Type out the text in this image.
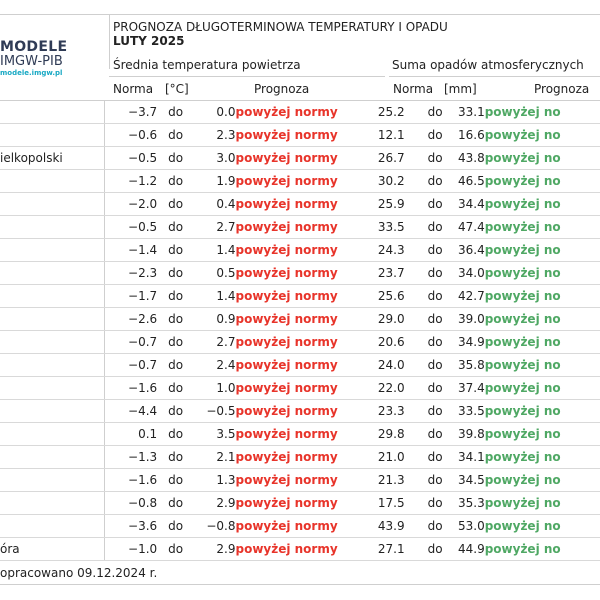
MODELE
IMGW-PIB
modele.imgw.pl
PROGNOZA DŁUGOTERMINOWA TEMPERATURY I OPADU
LUTY 2025
Średnia temperatura powietrza	Suma opadów atmosferycznych
Norma [°C]	Prognoza	Norma [mm]	Prognoza
	−3.7	do	0.0	powyżej normy	25.2	do	33.1	powyżej no
	−0.6	do	2.3	powyżej normy	12.1	do	16.6	powyżej no
ielkopolski	−0.5	do	3.0	powyżej normy	26.7	do	43.8	powyżej no
	−1.2	do	1.9	powyżej normy	30.2	do	46.5	powyżej no
	−2.0	do	0.4	powyżej normy	25.9	do	34.4	powyżej no
	−0.5	do	2.7	powyżej normy	33.5	do	47.4	powyżej no
	−1.4	do	1.4	powyżej normy	24.3	do	36.4	powyżej no
	−2.3	do	0.5	powyżej normy	23.7	do	34.0	powyżej no
	−1.7	do	1.4	powyżej normy	25.6	do	42.7	powyżej no
	−2.6	do	0.9	powyżej normy	29.0	do	39.0	powyżej no
	−0.7	do	2.7	powyżej normy	20.6	do	34.9	powyżej no
	−0.7	do	2.4	powyżej normy	24.0	do	35.8	powyżej no
	−1.6	do	1.0	powyżej normy	22.0	do	37.4	powyżej no
	−4.4	do	−0.5	powyżej normy	23.3	do	33.5	powyżej no
	0.1	do	3.5	powyżej normy	29.8	do	39.8	powyżej no
	−1.3	do	2.1	powyżej normy	21.0	do	34.1	powyżej no
	−1.6	do	1.3	powyżej normy	21.3	do	34.5	powyżej no
	−0.8	do	2.9	powyżej normy	17.5	do	35.3	powyżej no
	−3.6	do	−0.8	powyżej normy	43.9	do	53.0	powyżej no
óra	−1.0	do	2.9	powyżej normy	27.1	do	44.9	powyżej no
opracowano 09.12.2024 r.
